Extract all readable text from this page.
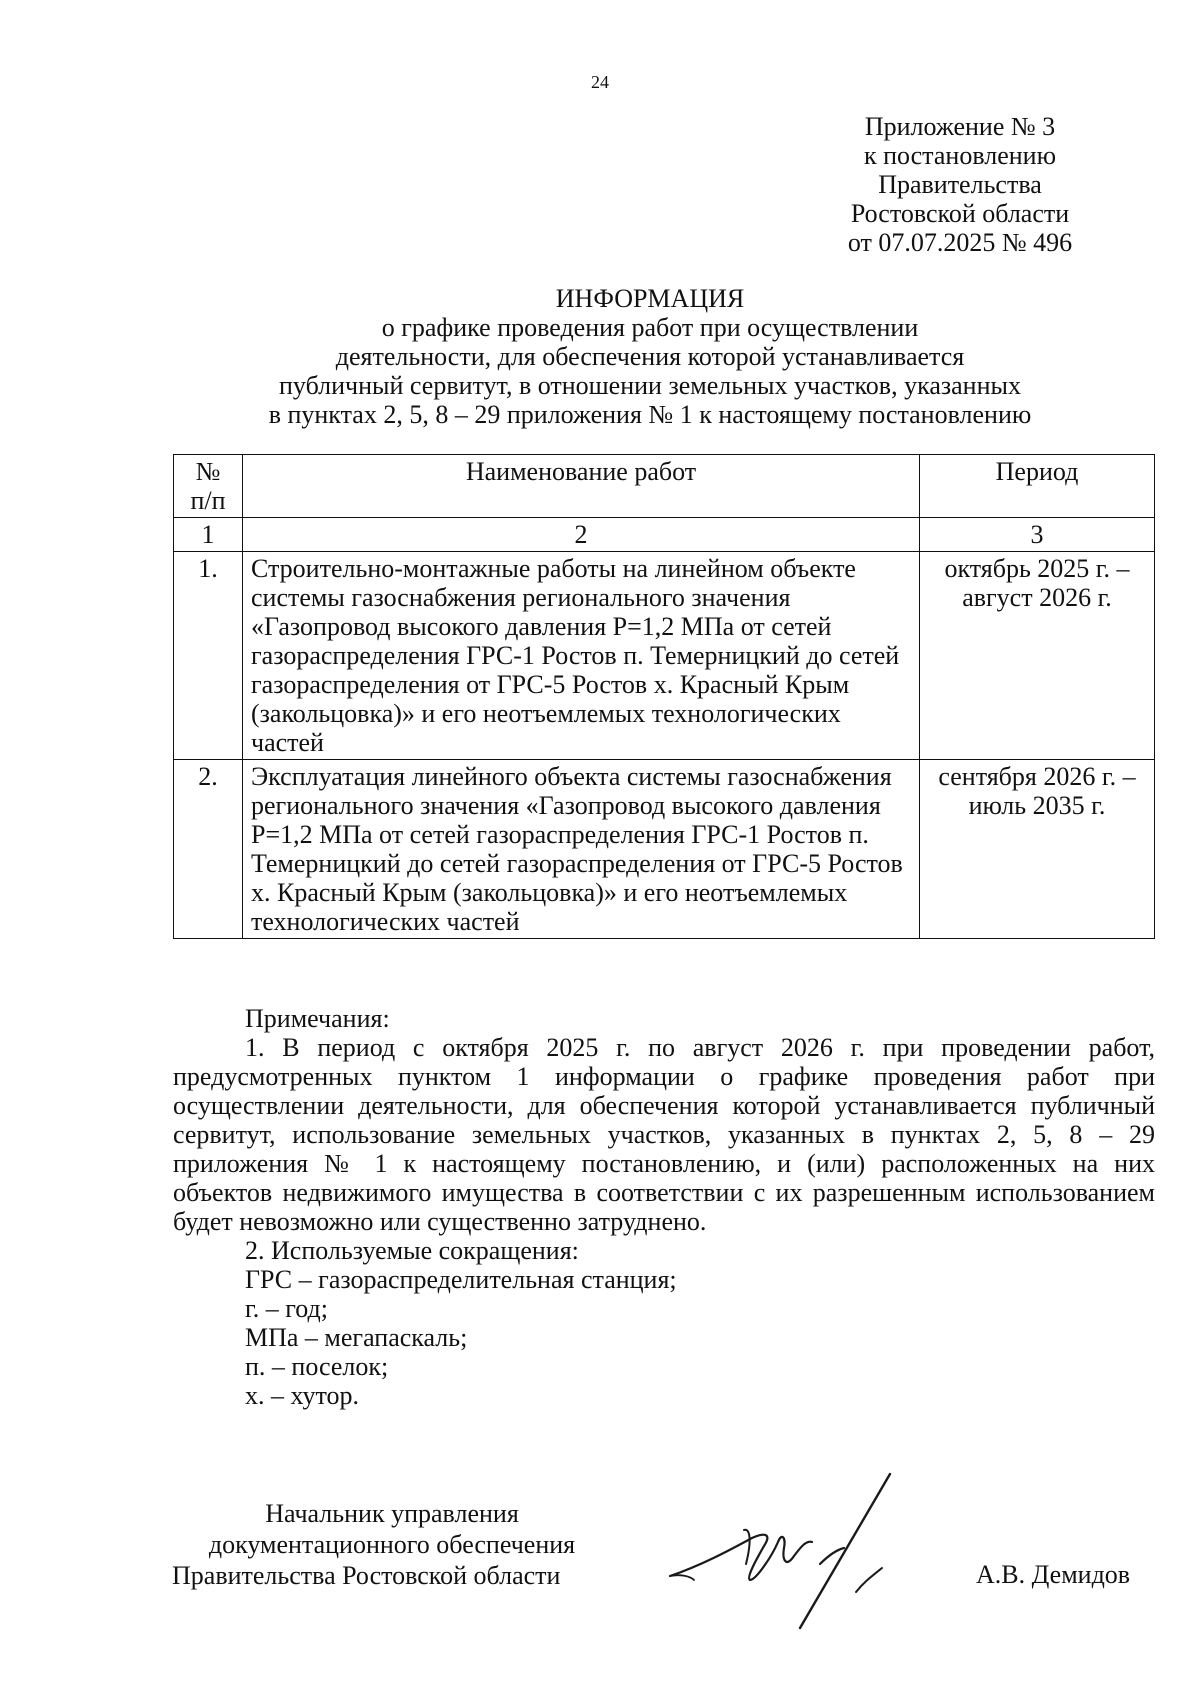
24
Приложение № 3
к постановлению
Правительства
Ростовской области
от 07.07.2025 № 496
ИНФОРМАЦИЯ
о графике проведения работ при осуществлении
деятельности, для обеспечения которой устанавливается
публичный сервитут, в отношении земельных участков, указанных
в пунктах 2, 5, 8 – 29 приложения № 1 к настоящему постановлению
№ п/п	Наименование работ	Период
1	2	3
1.	Строительно-монтажные работы на линейном объекте системы газоснабжения регионального значения «Газопровод высокого давления Р=1,2 МПа от сетей газораспределения ГРС-1 Ростов п. Темерницкий до сетей газораспределения от ГРС-5 Ростов х. Красный Крым (закольцовка)» и его неотъемлемых технологических частей	октябрь 2025 г. – август 2026 г.
2.	Эксплуатация линейного объекта системы газоснабжения регионального значения «Газопровод высокого давления Р=1,2 МПа от сетей газораспределения ГРС-1 Ростов п. Темерницкий до сетей газораспределения от ГРС-5 Ростов х. Красный Крым (закольцовка)» и его неотъемлемых технологических частей	сентября 2026 г. – июль 2035 г.

Примечания:

1. В период с октября 2025 г. по август 2026 г. при проведении работ, предусмотренных пунктом 1 информации о графике проведения работ при осуществлении деятельности, для обеспечения которой устанавливается публичный сервитут, использование земельных участков, указанных в пунктах 2, 5, 8 – 29 приложения № 1 к настоящему постановлению, и (или) расположенных на них объектов недвижимого имущества в соответствии с их разрешенным использованием будет невозможно или существенно затруднено.

2. Используемые сокращения:

ГРС – газораспределительная станция;

г. – год;

МПа – мегапаскаль;

п. – поселок;

х. – хутор.

Начальник управления
документационного обеспечения
Правительства Ростовской области	А.В. Демидов
